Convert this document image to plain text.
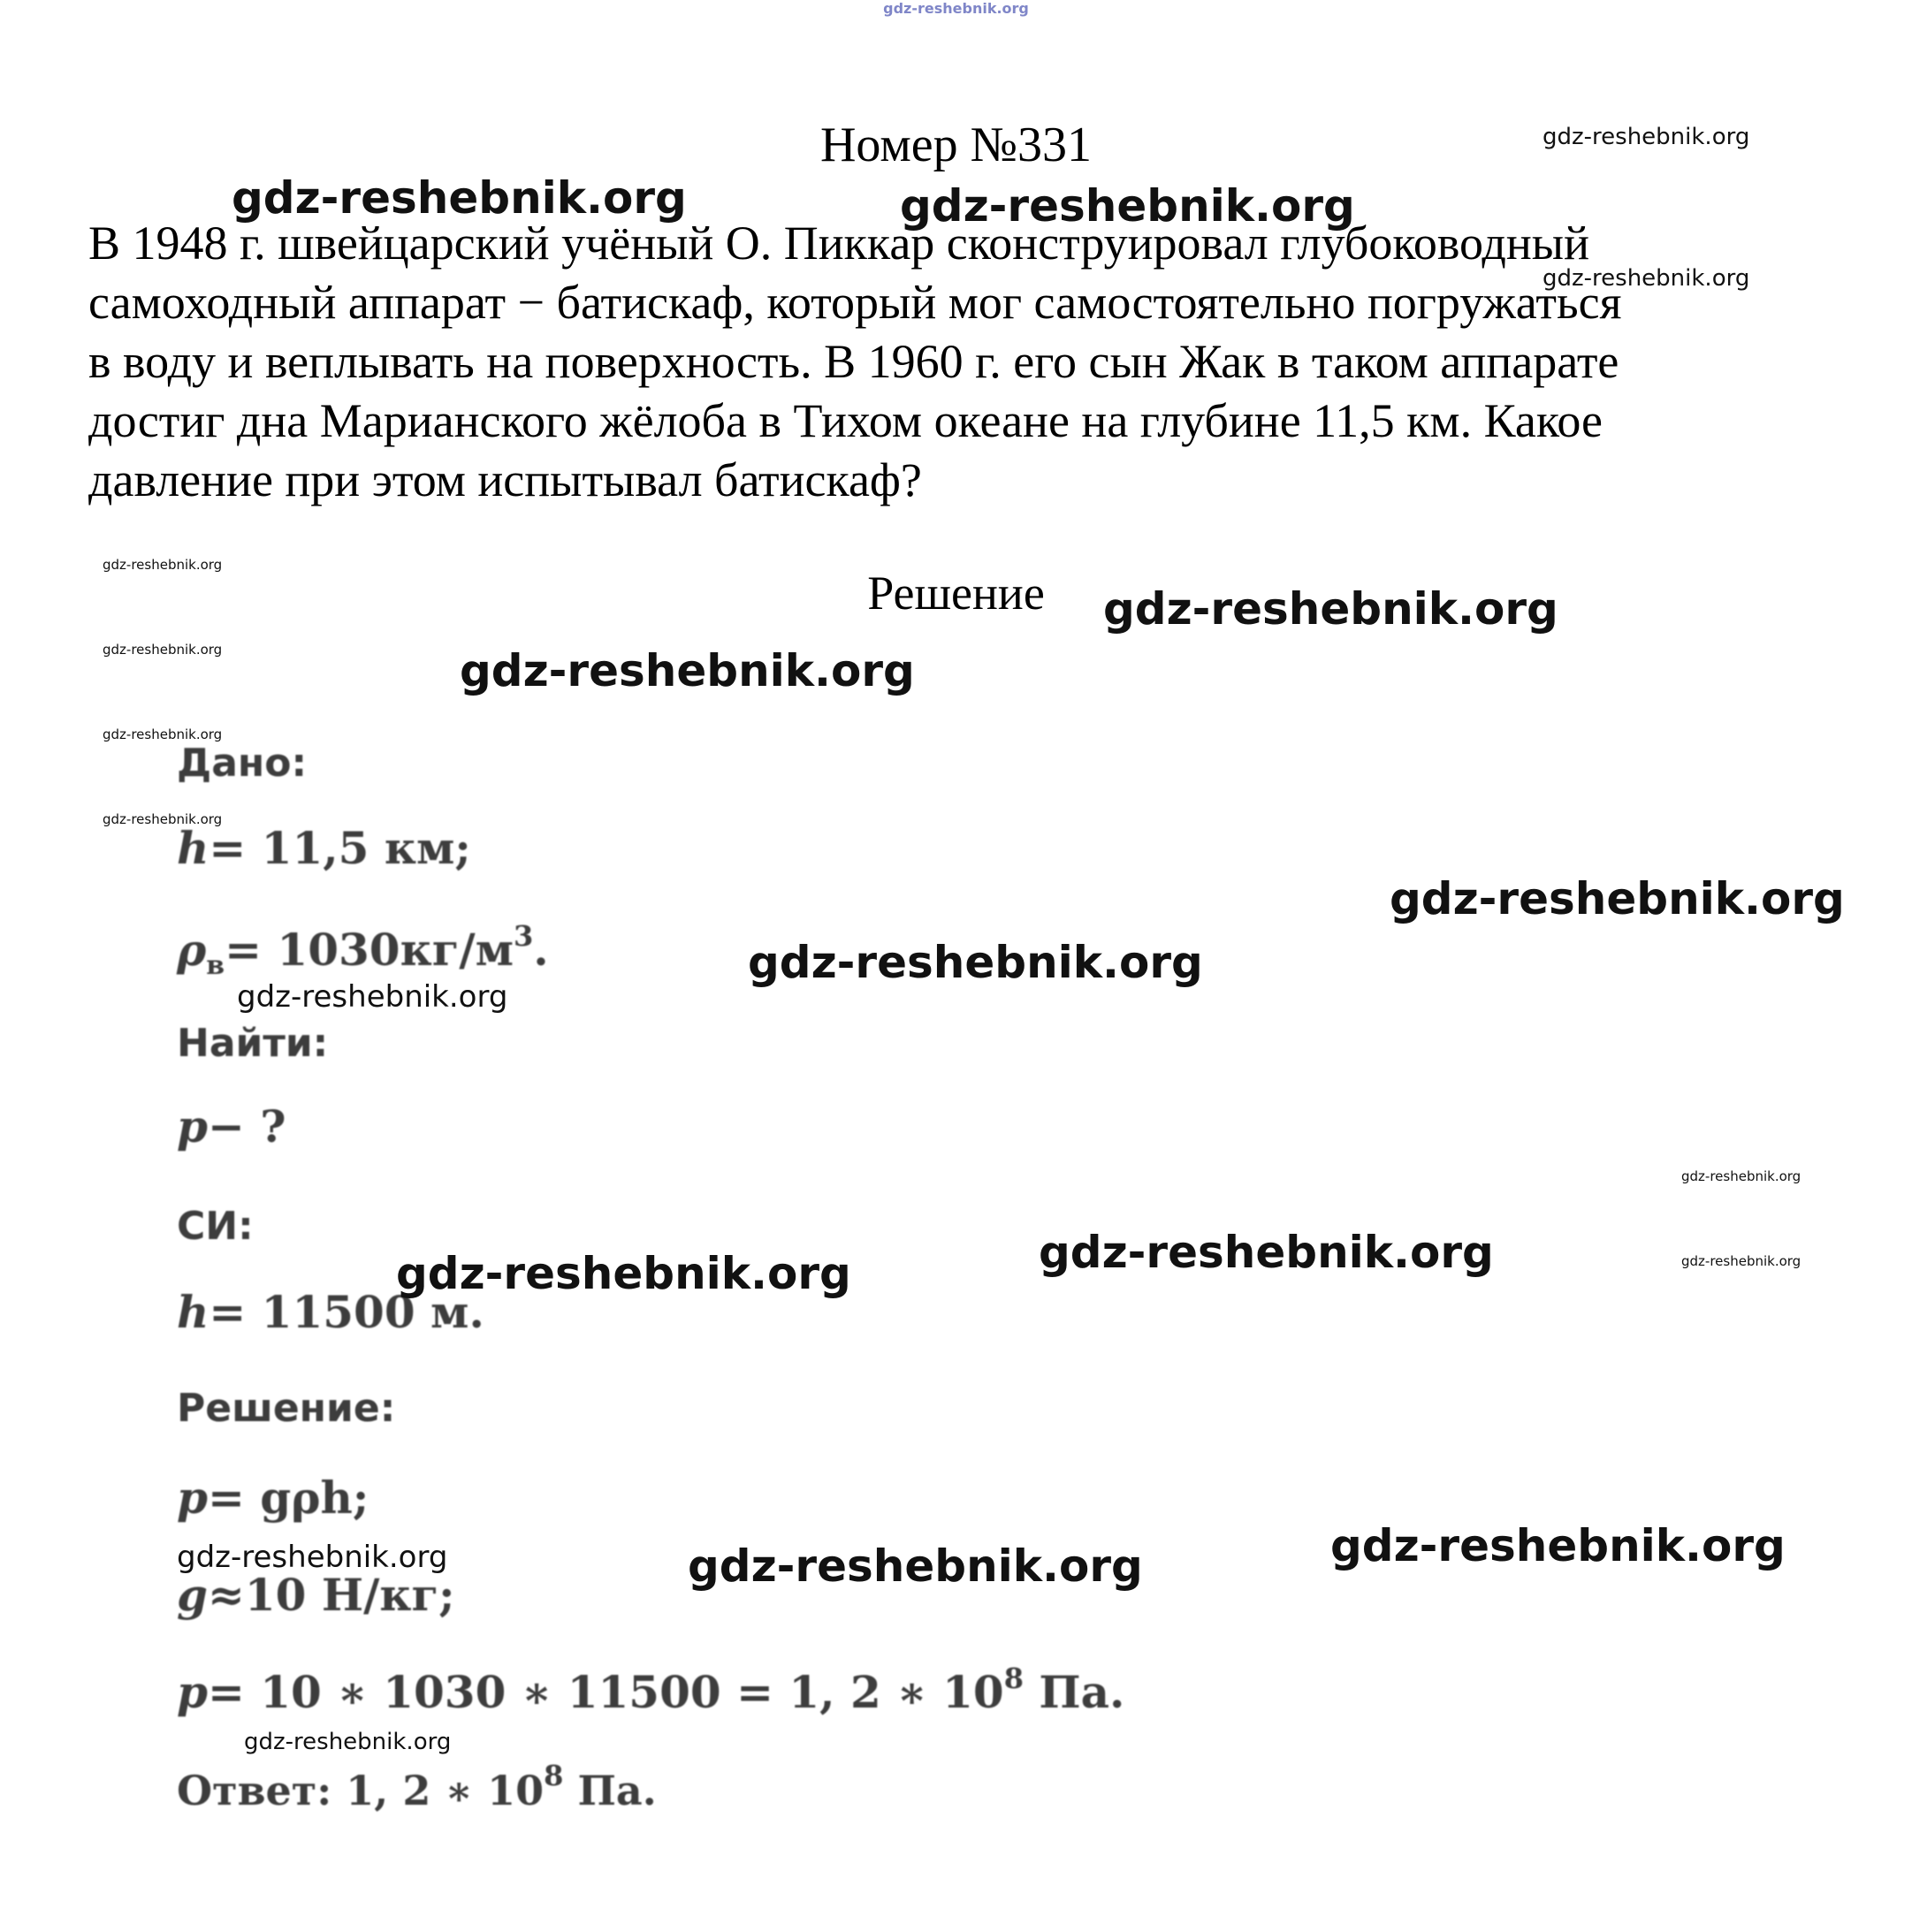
gdz-reshebnik.org
Номер №331
В 1948 г. швейцарский учёный О. Пиккар сконструировал глубоководный
самоходный аппарат − батискаф, который мог самостоятельно погружаться
в воду и веплывать на поверхность. В 1960 г. его сын Жак в таком аппарате
достиг дна Марианского жёлоба в Тихом океане на глубине 11,5 км. Какое
давление при этом испытывал батискаф?
Решение
Дано:
h= 11,5 км;
$\rho_в= 1030кг/м^3$.
Найти:
p− ?
СИ:
h= 11500 м.
Решение:
p= gρh;
g≈10 Н/кг;
p= 10 ∗ 1030 ∗ 11500 = 1, 2 ∗ $10^8$ Па.
Ответ: 1, 2 ∗ $10^8$ Па.
gdz-reshebnik.org
gdz-reshebnik.org	gdz-reshebnik.org
gdz-reshebnik.org
gdz-reshebnik.org
gdz-reshebnik.org
gdz-reshebnik.org	gdz-reshebnik.org
gdz-reshebnik.org
gdz-reshebnik.org
gdz-reshebnik.org
gdz-reshebnik.org
gdz-reshebnik.org
gdz-reshebnik.org
gdz-reshebnik.org	gdz-reshebnik.org
gdz-reshebnik.org
gdz-reshebnik.org
gdz-reshebnik.org	gdz-reshebnik.org
gdz-reshebnik.org
